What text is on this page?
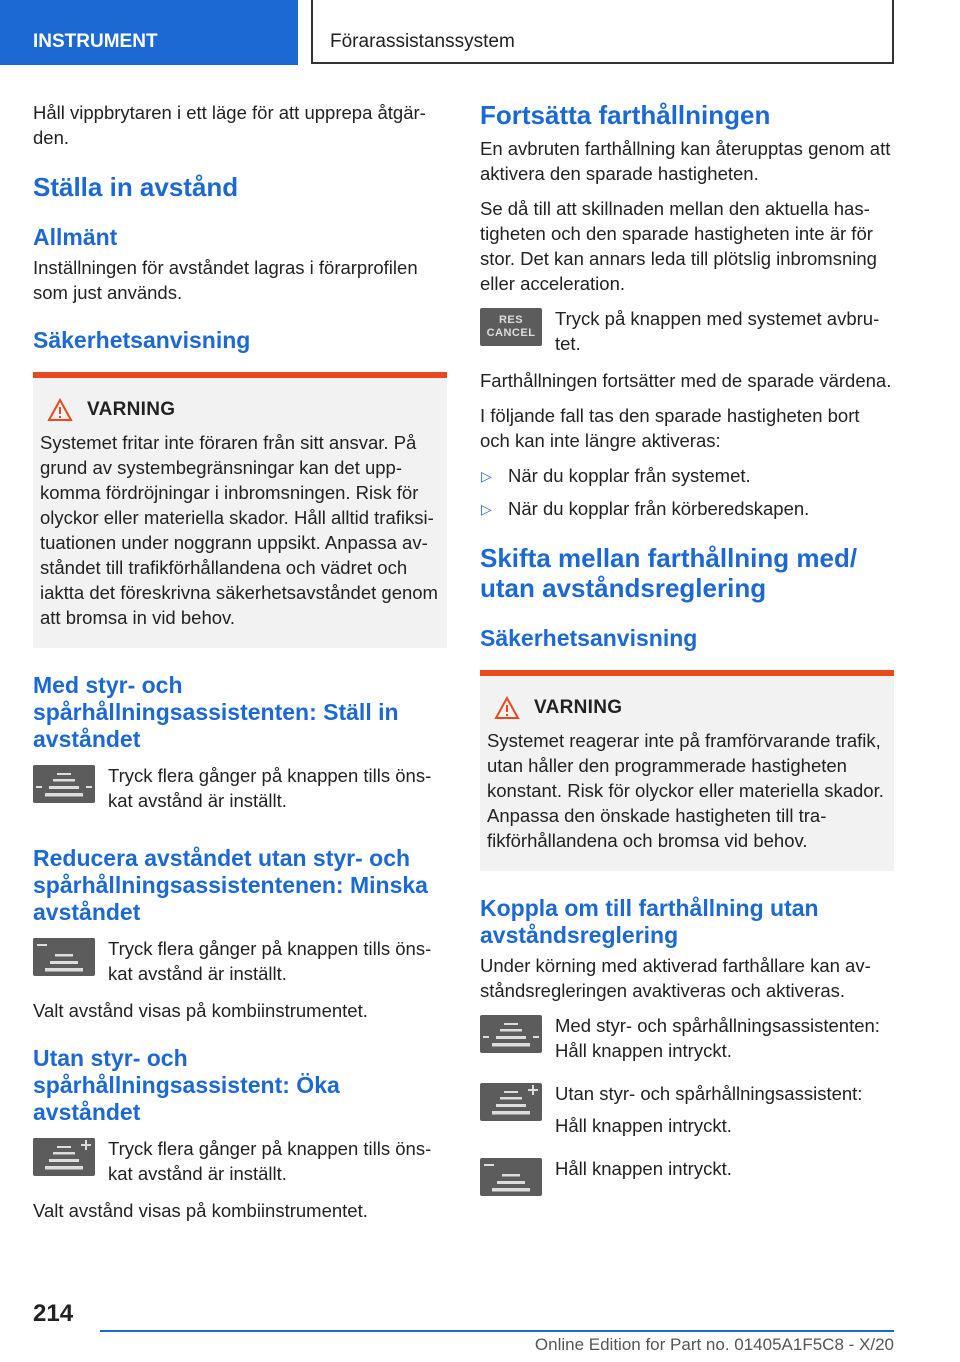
INSTRUMENT	Förarassistanssystem

Håll vippbrytaren i ett läge för att upprepa åtgärden.

Ställa in avstånd
Allmänt

Inställningen för avståndet lagras i förarprofilen som just används.

Säkerhetsanvisning
VARNING

Systemet fritar inte föraren från sitt ansvar. På grund av systembegränsningar kan det uppkomma fördröjningar i inbromsningen. Risk för olyckor eller materiella skador. Håll alltid trafiksituationen under noggrann uppsikt. Anpassa avståndet till trafikförhållandena och vädret och iaktta det föreskrivna säkerhetsavståndet genom att bromsa in vid behov.

Med styr- och spårhållningsassistenten: Ställ in avståndet

Tryck flera gånger på knappen tills önskat avstånd är inställt.

Reducera avståndet utan styr- och spårhållningsassistentenen: Minska avståndet

Tryck flera gånger på knappen tills önskat avstånd är inställt.

Valt avstånd visas på kombiinstrumentet.

Utan styr- och spårhållningsassistent: Öka avståndet

Tryck flera gånger på knappen tills önskat avstånd är inställt.

Valt avstånd visas på kombiinstrumentet.

Fortsätta farthållningen

En avbruten farthållning kan återupptas genom att aktivera den sparade hastigheten.

Se då till att skillnaden mellan den aktuella hastigheten och den sparade hastigheten inte är för stor. Det kan annars leda till plötslig inbromsning eller acceleration.

RES
CANCEL

Tryck på knappen med systemet avbrutet.

Farthållningen fortsätter med de sparade värdena.

I följande fall tas den sparade hastigheten bort och kan inte längre aktiveras:

▷ När du kopplar från systemet.
▷ När du kopplar från körberedskapen.
Skifta mellan farthållning med/ utan avståndsreglering
Säkerhetsanvisning
VARNING

Systemet reagerar inte på framförvarande trafik, utan håller den programmerade hastigheten konstant. Risk för olyckor eller materiella skador. Anpassa den önskade hastigheten till trafikförhållandena och bromsa vid behov.

Koppla om till farthållning utan avståndsreglering

Under körning med aktiverad farthållare kan avståndsregleringen avaktiveras och aktiveras.

Med styr- och spårhållningsassistenten: Håll knappen intryckt.

Utan styr- och spårhållningsassistent:

Håll knappen intryckt.

Håll knappen intryckt.

214
Online Edition for Part no. 01405A1F5C8 - X/20
